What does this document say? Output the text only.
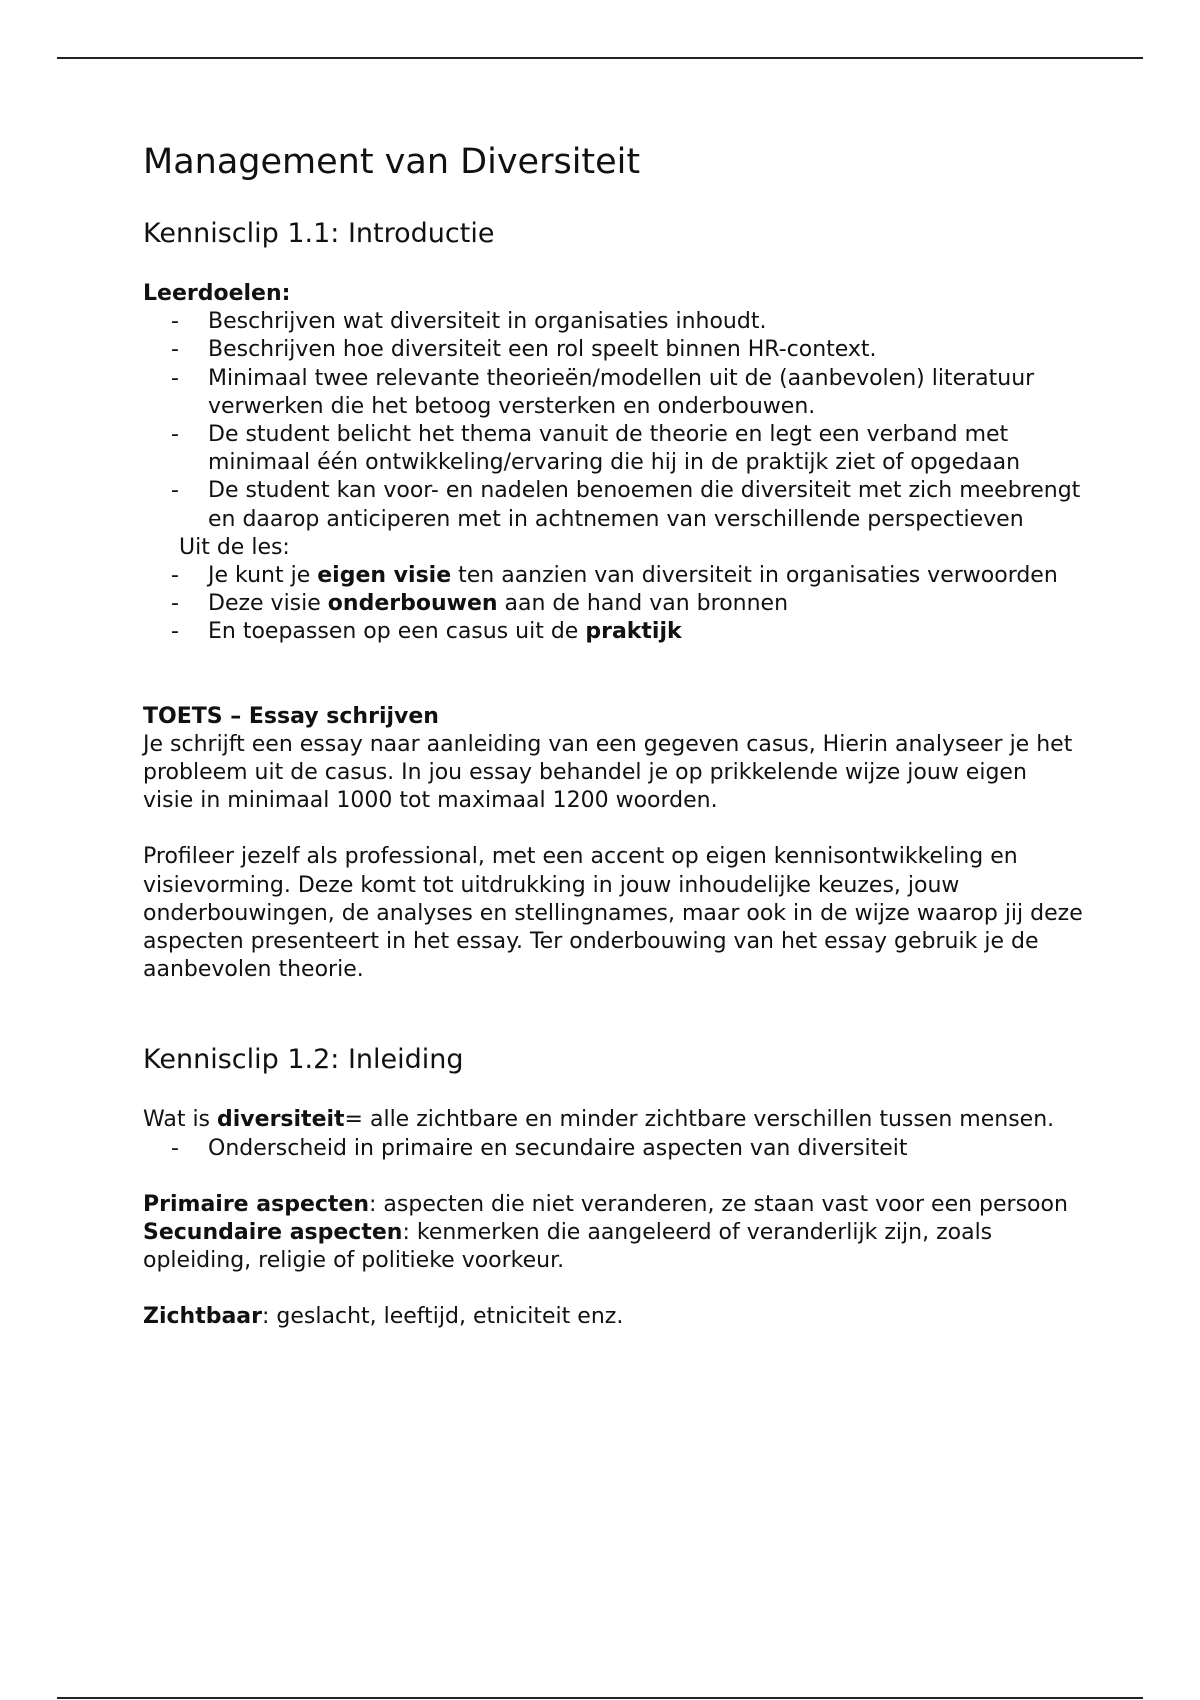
Management van Diversiteit
Kennisclip 1.1: Introductie

Leerdoelen:

- Beschrijven wat diversiteit in organisaties inhoudt.
- Beschrijven hoe diversiteit een rol speelt binnen HR-context.
- Minimaal twee relevante theorieën/modellen uit de (aanbevolen) literatuur verwerken die het betoog versterken en onderbouwen.
- De student belicht het thema vanuit de theorie en legt een verband met minimaal één ontwikkeling/ervaring die hij in de praktijk ziet of opgedaan
- De student kan voor- en nadelen benoemen die diversiteit met zich meebrengt en daarop anticiperen met in achtnemen van verschillende perspectieven

Uit de les:

- Je kunt je eigen visie ten aanzien van diversiteit in organisaties verwoorden
- Deze visie onderbouwen aan de hand van bronnen
- En toepassen op een casus uit de praktijk

TOETS – Essay schrijven

Je schrijft een essay naar aanleiding van een gegeven casus, Hierin analyseer je het probleem uit de casus. In jou essay behandel je op prikkelende wijze jouw eigen visie in minimaal 1000 tot maximaal 1200 woorden.

Profileer jezelf als professional, met een accent op eigen kennisontwikkeling en visievorming. Deze komt tot uitdrukking in jouw inhoudelijke keuzes, jouw onderbouwingen, de analyses en stellingnames, maar ook in de wijze waarop jij deze aspecten presenteert in het essay. Ter onderbouwing van het essay gebruik je de aanbevolen theorie.

Kennisclip 1.2: Inleiding

Wat is diversiteit= alle zichtbare en minder zichtbare verschillen tussen mensen.

- Onderscheid in primaire en secundaire aspecten van diversiteit

Primaire aspecten: aspecten die niet veranderen, ze staan vast voor een persoon

Secundaire aspecten: kenmerken die aangeleerd of veranderlijk zijn, zoals opleiding, religie of politieke voorkeur.

Zichtbaar: geslacht, leeftijd, etniciteit enz.
